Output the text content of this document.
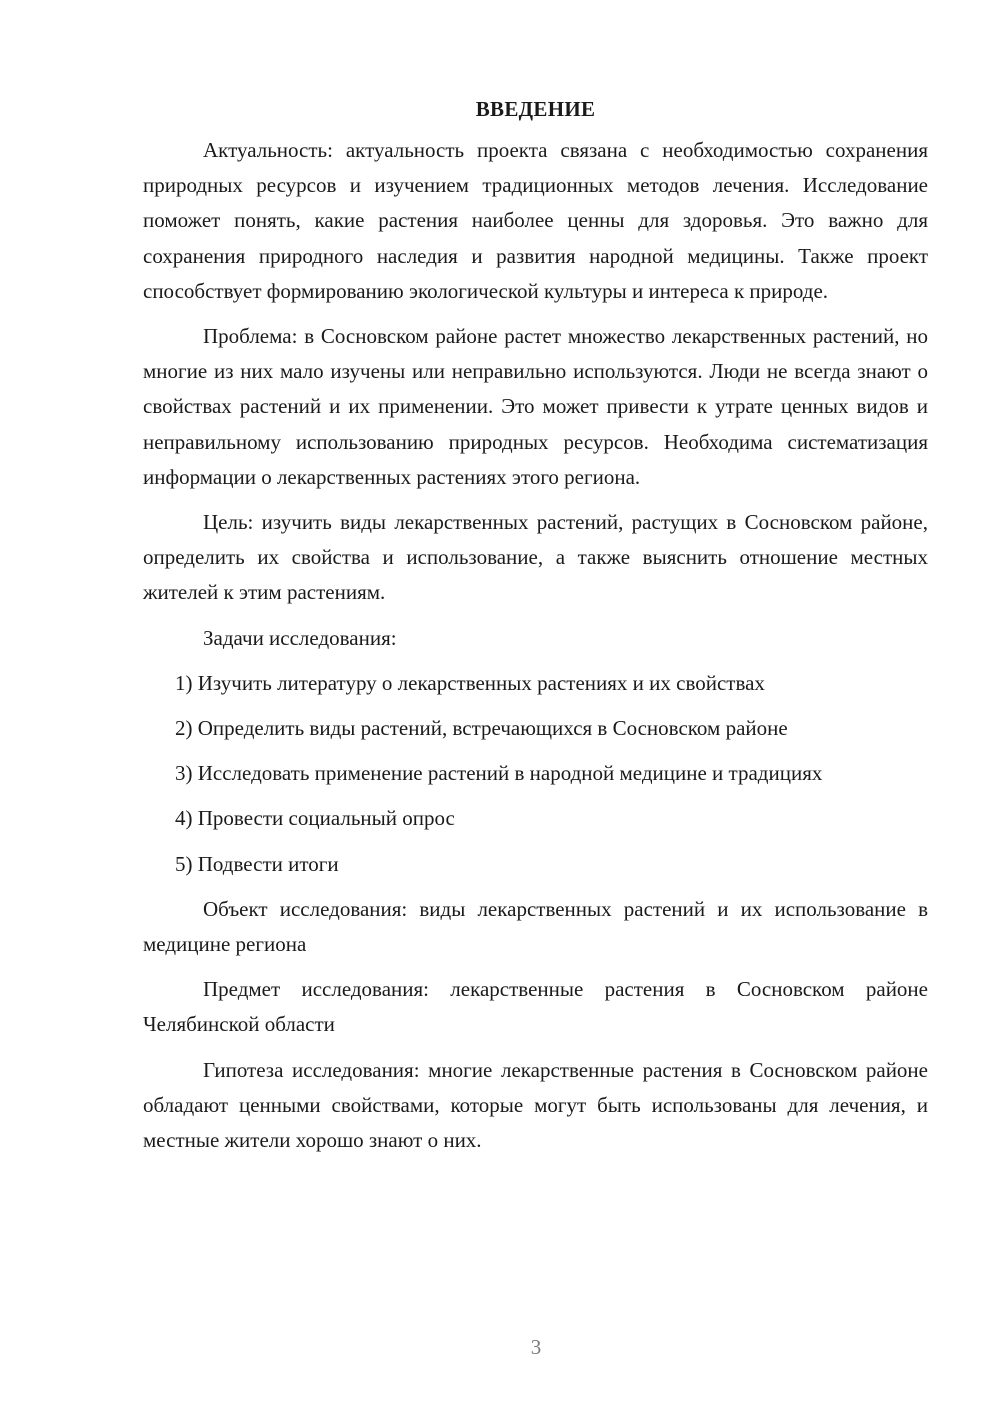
ВВЕДЕНИЕ

Актуальность: актуальность проекта связана с необходимостью сохранения природных ресурсов и изучением традиционных методов лечения. Исследование поможет понять, какие растения наиболее ценны для здоровья. Это важно для сохранения природного наследия и развития народной медицины. Также проект способствует формированию экологической культуры и интереса к природе.

Проблема: в Сосновском районе растет множество лекарственных растений, но многие из них мало изучены или неправильно используются. Люди не всегда знают о свойствах растений и их применении. Это может привести к утрате ценных видов и неправильному использованию природных ресурсов. Необходима систематизация информации о лекарственных растениях этого региона.

Цель: изучить виды лекарственных растений, растущих в Сосновском районе, определить их свойства и использование, а также выяснить отношение местных жителей к этим растениям.

Задачи исследования:

1) Изучить литературу о лекарственных растениях и их свойствах

2) Определить виды растений, встречающихся в Сосновском районе

3) Исследовать применение растений в народной медицине и традициях

4) Провести социальный опрос

5) Подвести итоги

Объект исследования: виды лекарственных растений и их использование в медицине региона

Предмет исследования: лекарственные растения в Сосновском районе Челябинской области

Гипотеза исследования: многие лекарственные растения в Сосновском районе обладают ценными свойствами, которые могут быть использованы для лечения, и местные жители хорошо знают о них.

3
